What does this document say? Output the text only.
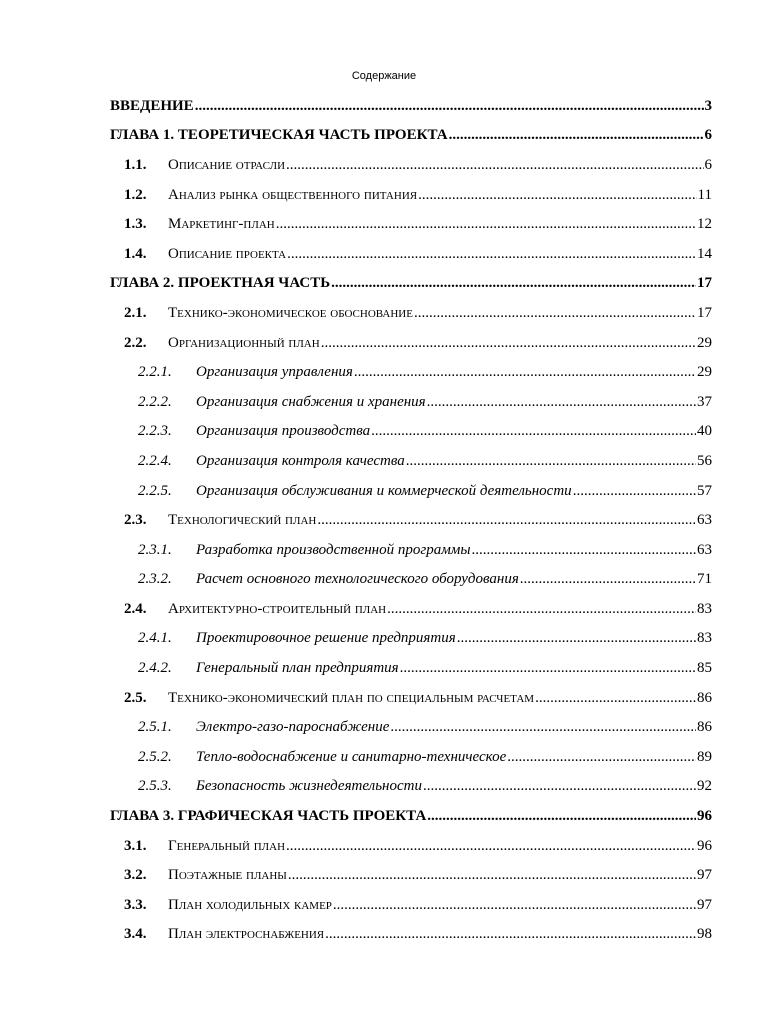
Содержание
ВВЕДЕНИЕ .....	3
ГЛАВА 1. ТЕОРЕТИЧЕСКАЯ ЧАСТЬ ПРОЕКТА .....	6
1.1.	Описание отрасли .....	6
1.2.	Анализ рынка общественного питания .....	11
1.3.	Маркетинг-план .....	12
1.4.	Описание проекта .....	14
ГЛАВА 2. ПРОЕКТНАЯ ЧАСТЬ .....	17
2.1.	Технико-экономическое обоснование .....	17
2.2.	Организационный план .....	29
2.2.1.	Организация управления .....	29
2.2.2.	Организация снабжения и хранения .....	37
2.2.3.	Организация производства .....	40
2.2.4.	Организация контроля качества .....	56
2.2.5.	Организация обслуживания и коммерческой деятельности .....	57
2.3.	Технологический план .....	63
2.3.1.	Разработка производственной программы .....	63
2.3.2.	Расчет основного технологического оборудования .....	71
2.4.	Архитектурно-строительный план .....	83
2.4.1.	Проектировочное решение предприятия .....	83
2.4.2.	Генеральный план предприятия .....	85
2.5.	Технико-экономический план по специальным расчетам .....	86
2.5.1.	Электро-газо-пароснабжение .....	86
2.5.2.	Тепло-водоснабжение и санитарно-техническое .....	89
2.5.3.	Безопасность жизнедеятельности .....	92
ГЛАВА 3. ГРАФИЧЕСКАЯ ЧАСТЬ ПРОЕКТА .....	96
3.1.	Генеральный план .....	96
3.2.	Поэтажные планы .....	97
3.3.	План холодильных камер .....	97
3.4.	План электроснабжения .....	98
